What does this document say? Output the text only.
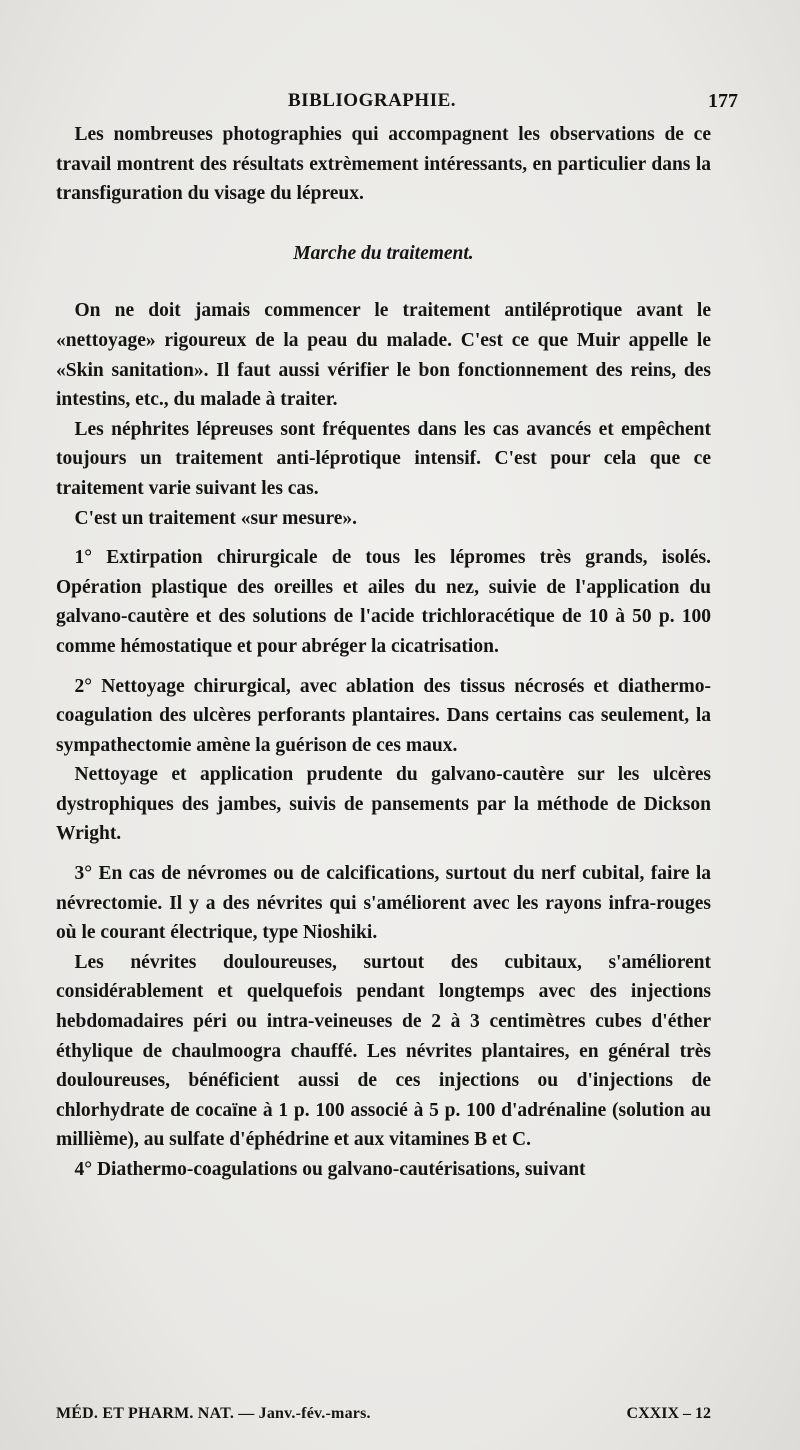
BIBLIOGRAPHIE.	177

Les nombreuses photographies qui accompagnent les observations de ce travail montrent des résultats extrèmement intéressants, en particulier dans la transfiguration du visage du lépreux.

Marche du traitement.

On ne doit jamais commencer le traitement antiléprotique avant le «nettoyage» rigoureux de la peau du malade. C'est ce que Muir appelle le «Skin sanitation». Il faut aussi vérifier le bon fonctionnement des reins, des intestins, etc., du malade à traiter.

Les néphrites lépreuses sont fréquentes dans les cas avancés et empêchent toujours un traitement anti-léprotique intensif. C'est pour cela que ce traitement varie suivant les cas.

C'est un traitement «sur mesure».

1° Extirpation chirurgicale de tous les lépromes très grands, isolés. Opération plastique des oreilles et ailes du nez, suivie de l'application du galvano-cautère et des solutions de l'acide trichloracétique de 10 à 50 p. 100 comme hémostatique et pour abréger la cicatrisation.

2° Nettoyage chirurgical, avec ablation des tissus nécrosés et diathermo-coagulation des ulcères perforants plantaires. Dans certains cas seulement, la sympathectomie amène la guérison de ces maux.

Nettoyage et application prudente du galvano-cautère sur les ulcères dystrophiques des jambes, suivis de pansements par la méthode de Dickson Wright.

3° En cas de névromes ou de calcifications, surtout du nerf cubital, faire la névrectomie. Il y a des névrites qui s'améliorent avec les rayons infra-rouges où le courant électrique, type Nioshiki.

Les névrites douloureuses, surtout des cubitaux, s'améliorent considérablement et quelquefois pendant longtemps avec des injections hebdomadaires péri ou intra-veineuses de 2 à 3 centimètres cubes d'éther éthylique de chaulmoogra chauffé. Les névrites plantaires, en général très douloureuses, bénéficient aussi de ces injections ou d'injections de chlorhydrate de cocaïne à 1 p. 100 associé à 5 p. 100 d'adrénaline (solution au millième), au sulfate d'éphédrine et aux vitamines B et C.

4° Diathermo-coagulations ou galvano-cautérisations, suivant

MÉD. ET PHARM. NAT. — Janv.-fév.-mars.	CXXIX – 12
